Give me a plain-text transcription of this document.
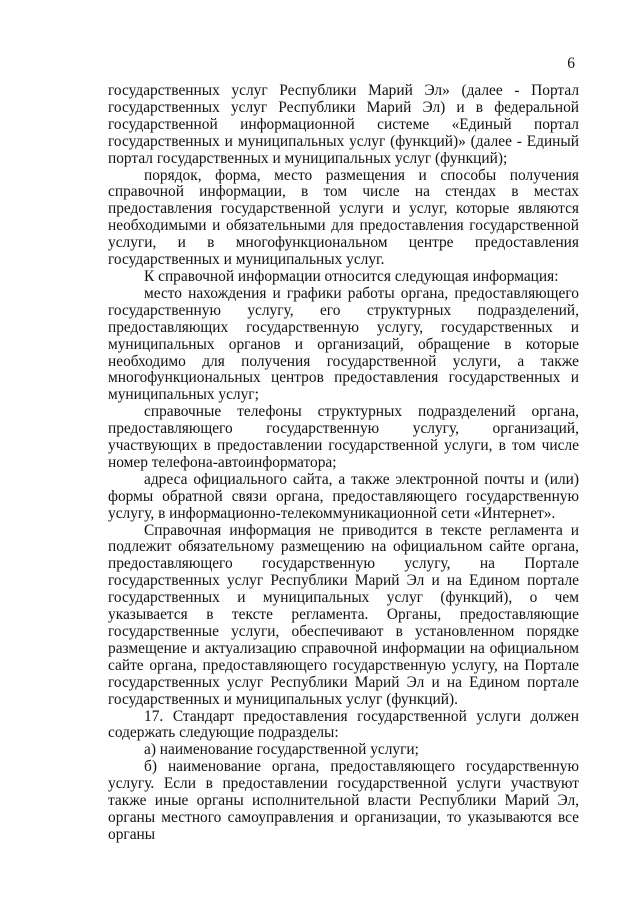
6

государственных услуг Республики Марий Эл» (далее - Портал государственных услуг Республики Марий Эл) и в федеральной государственной информационной системе «Единый портал государственных и муниципальных услуг (функций)» (далее - Единый портал государственных и муниципальных услуг (функций);

порядок, форма, место размещения и способы получения справочной информации, в том числе на стендах в местах предоставления государственной услуги и услуг, которые являются необходимыми и обязательными для предоставления государственной услуги, и в многофункциональном центре предоставления государственных и муниципальных услуг.

К справочной информации относится следующая информация:

место нахождения и графики работы органа, предоставляющего государственную услугу, его структурных подразделений, предоставляющих государственную услугу, государственных и муниципальных органов и организаций, обращение в которые необходимо для получения государственной услуги, а также многофункциональных центров предоставления государственных и муниципальных услуг;

справочные телефоны структурных подразделений органа, предоставляющего государственную услугу, организаций, участвующих в предоставлении государственной услуги, в том числе номер телефона-автоинформатора;

адреса официального сайта, а также электронной почты и (или) формы обратной связи органа, предоставляющего государственную услугу, в информационно-телекоммуникационной сети «Интернет».

Справочная информация не приводится в тексте регламента и подлежит обязательному размещению на официальном сайте органа, предоставляющего государственную услугу, на Портале государственных услуг Республики Марий Эл и на Едином портале государственных и муниципальных услуг (функций), о чем указывается в тексте регламента. Органы, предоставляющие государственные услуги, обеспечивают в установленном порядке размещение и актуализацию справочной информации на официальном сайте органа, предоставляющего государственную услугу, на Портале государственных услуг Республики Марий Эл и на Едином портале государственных и муниципальных услуг (функций).

17. Стандарт предоставления государственной услуги должен содержать следующие подразделы:

а) наименование государственной услуги;

б) наименование органа, предоставляющего государственную услугу. Если в предоставлении государственной услуги участвуют также иные органы исполнительной власти Республики Марий Эл, органы местного самоуправления и организации, то указываются все органы
